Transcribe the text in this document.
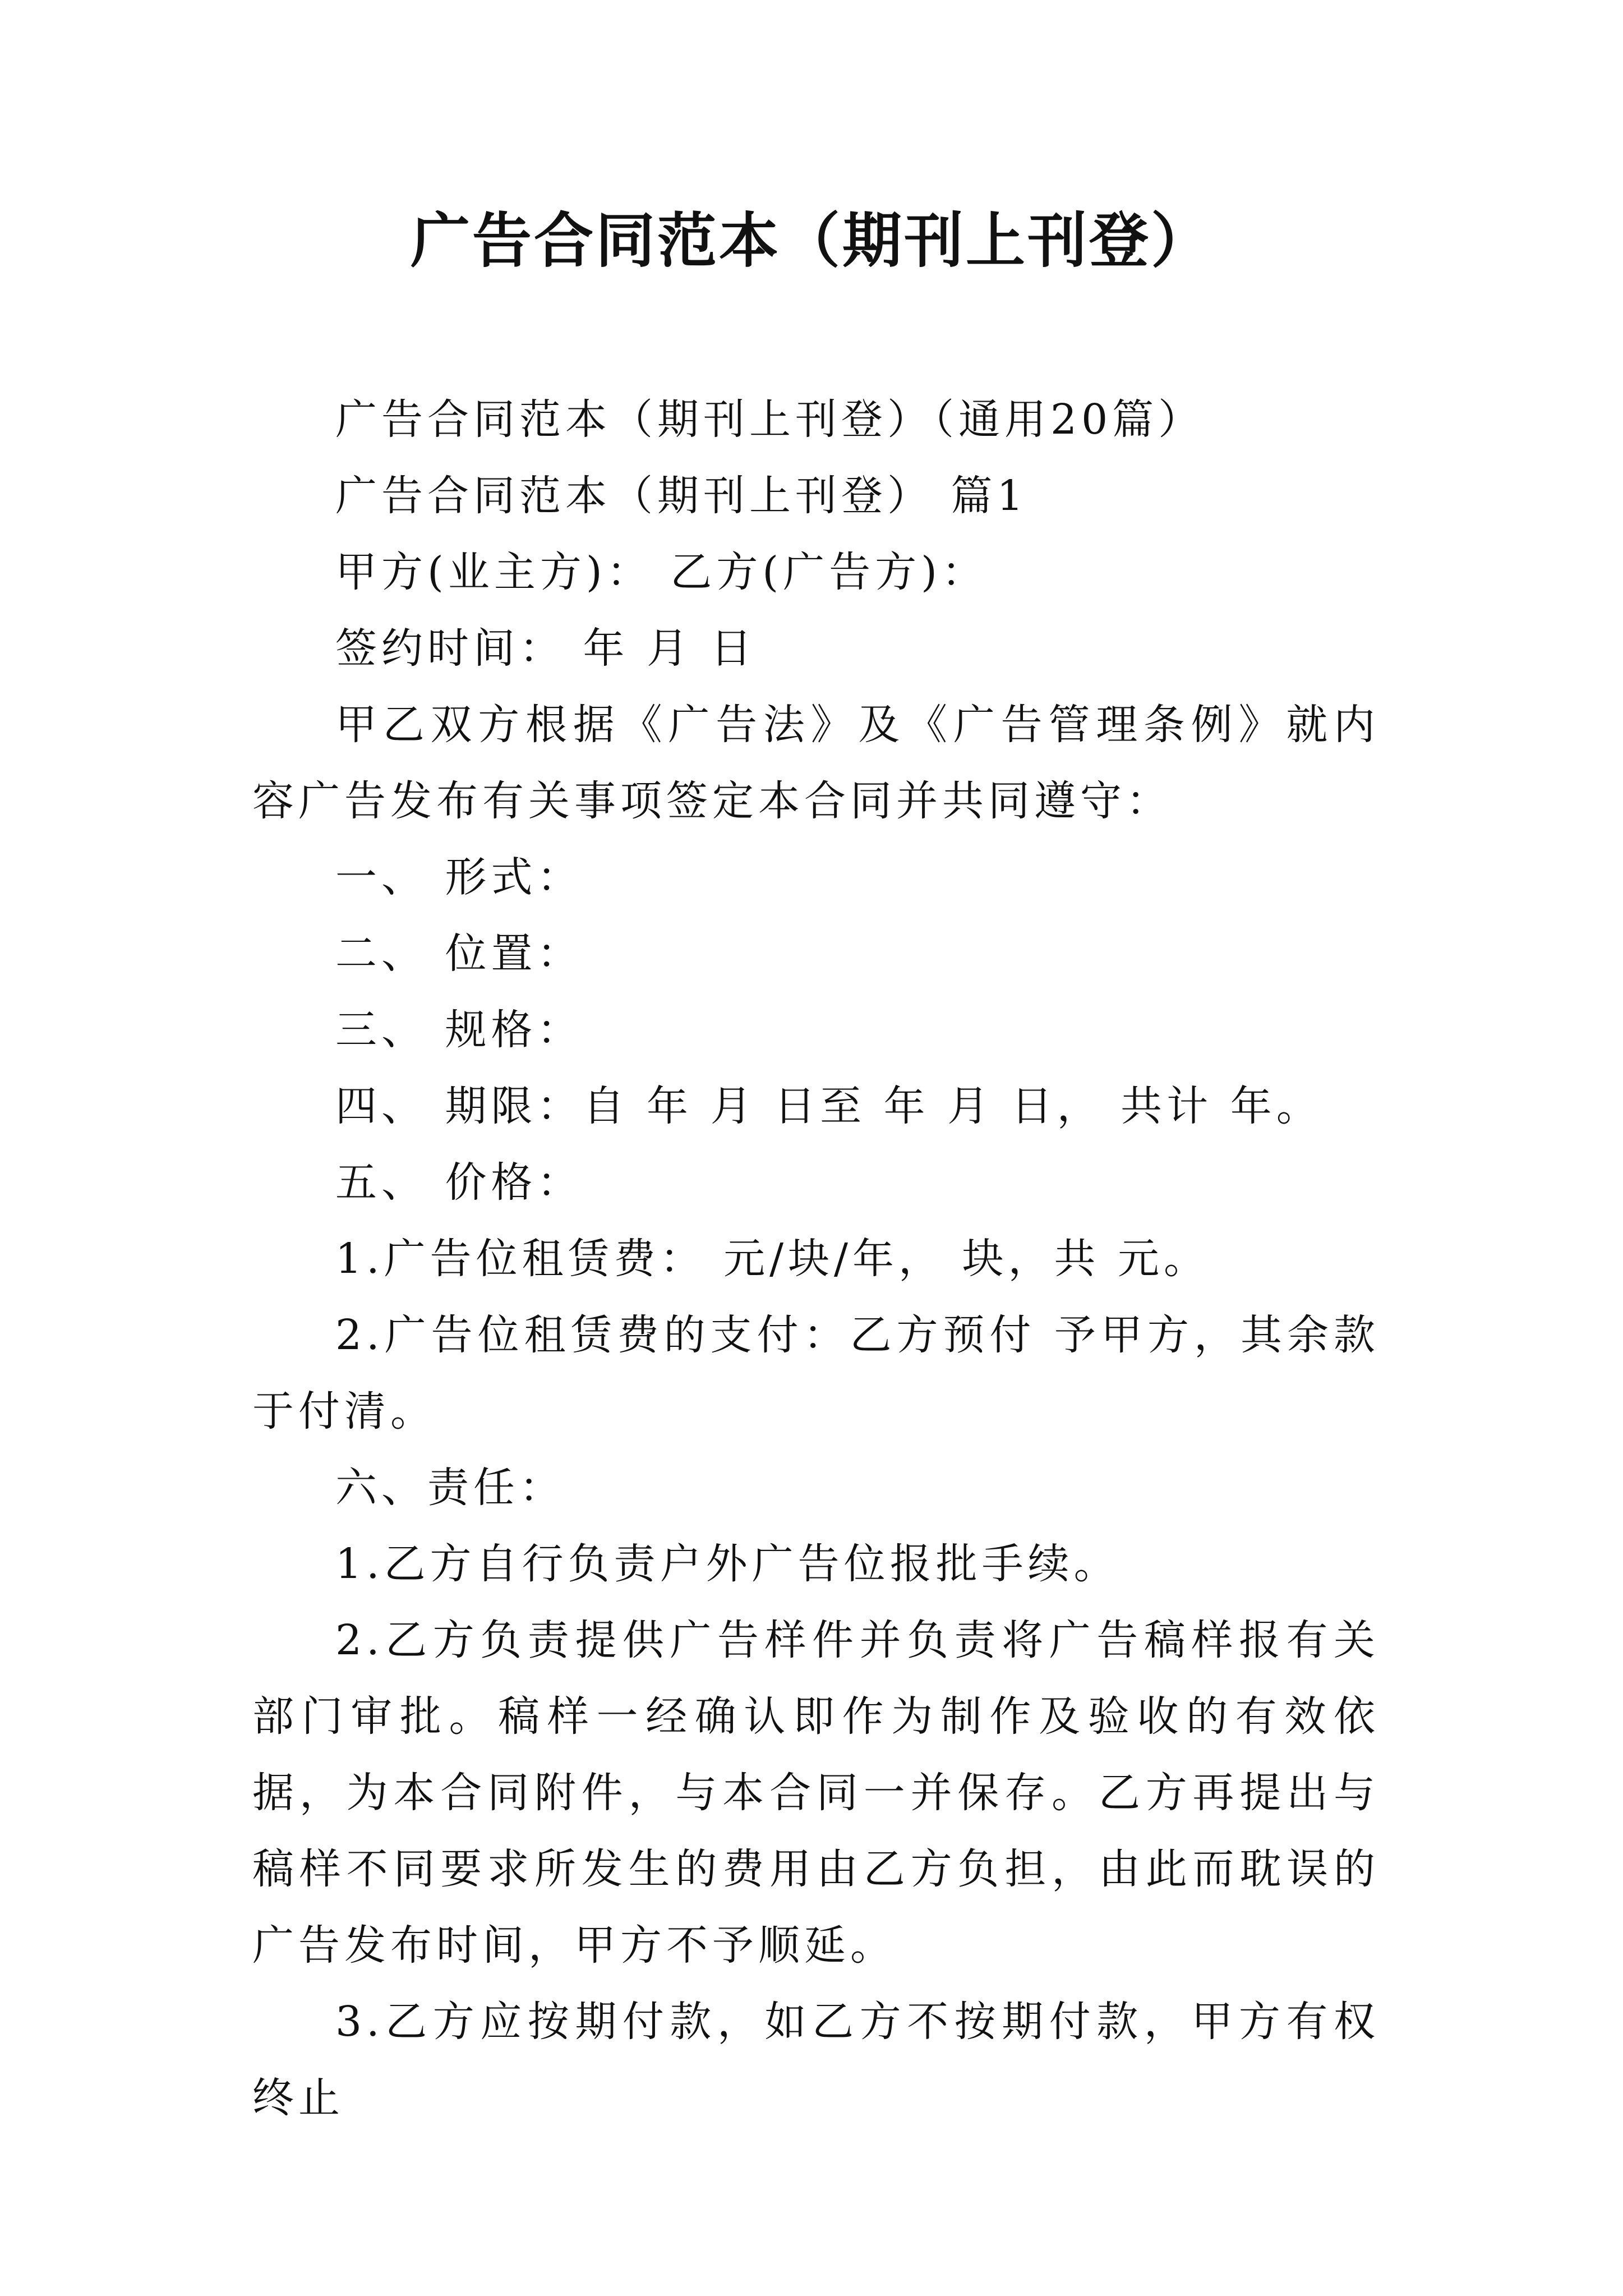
广告合同范本（期刊上刊登）

广告合同范本（期刊上刊登）（通用20篇）

广告合同范本（期刊上刊登） 篇1

甲方(业主方)： 乙方(广告方)：

签约时间： 年 月 日

甲乙双方根据《广告法》及《广告管理条例》就内容广告发布有关事项签定本合同并共同遵守：

一、 形式：

二、 位置：

三、 规格：

四、 期限：自 年 月 日至 年 月 日， 共计 年。

五、 价格：

1.广告位租赁费： 元/块/年， 块，共 元。

2.广告位租赁费的支付：乙方预付 予甲方，其余款于付清。

六、责任：

1.乙方自行负责户外广告位报批手续。

2.乙方负责提供广告样件并负责将广告稿样报有关部门审批。稿样一经确认即作为制作及验收的有效依据，为本合同附件，与本合同一并保存。乙方再提出与稿样不同要求所发生的费用由乙方负担，由此而耽误的广告发布时间，甲方不予顺延。

3.乙方应按期付款，如乙方不按期付款，甲方有权终止
